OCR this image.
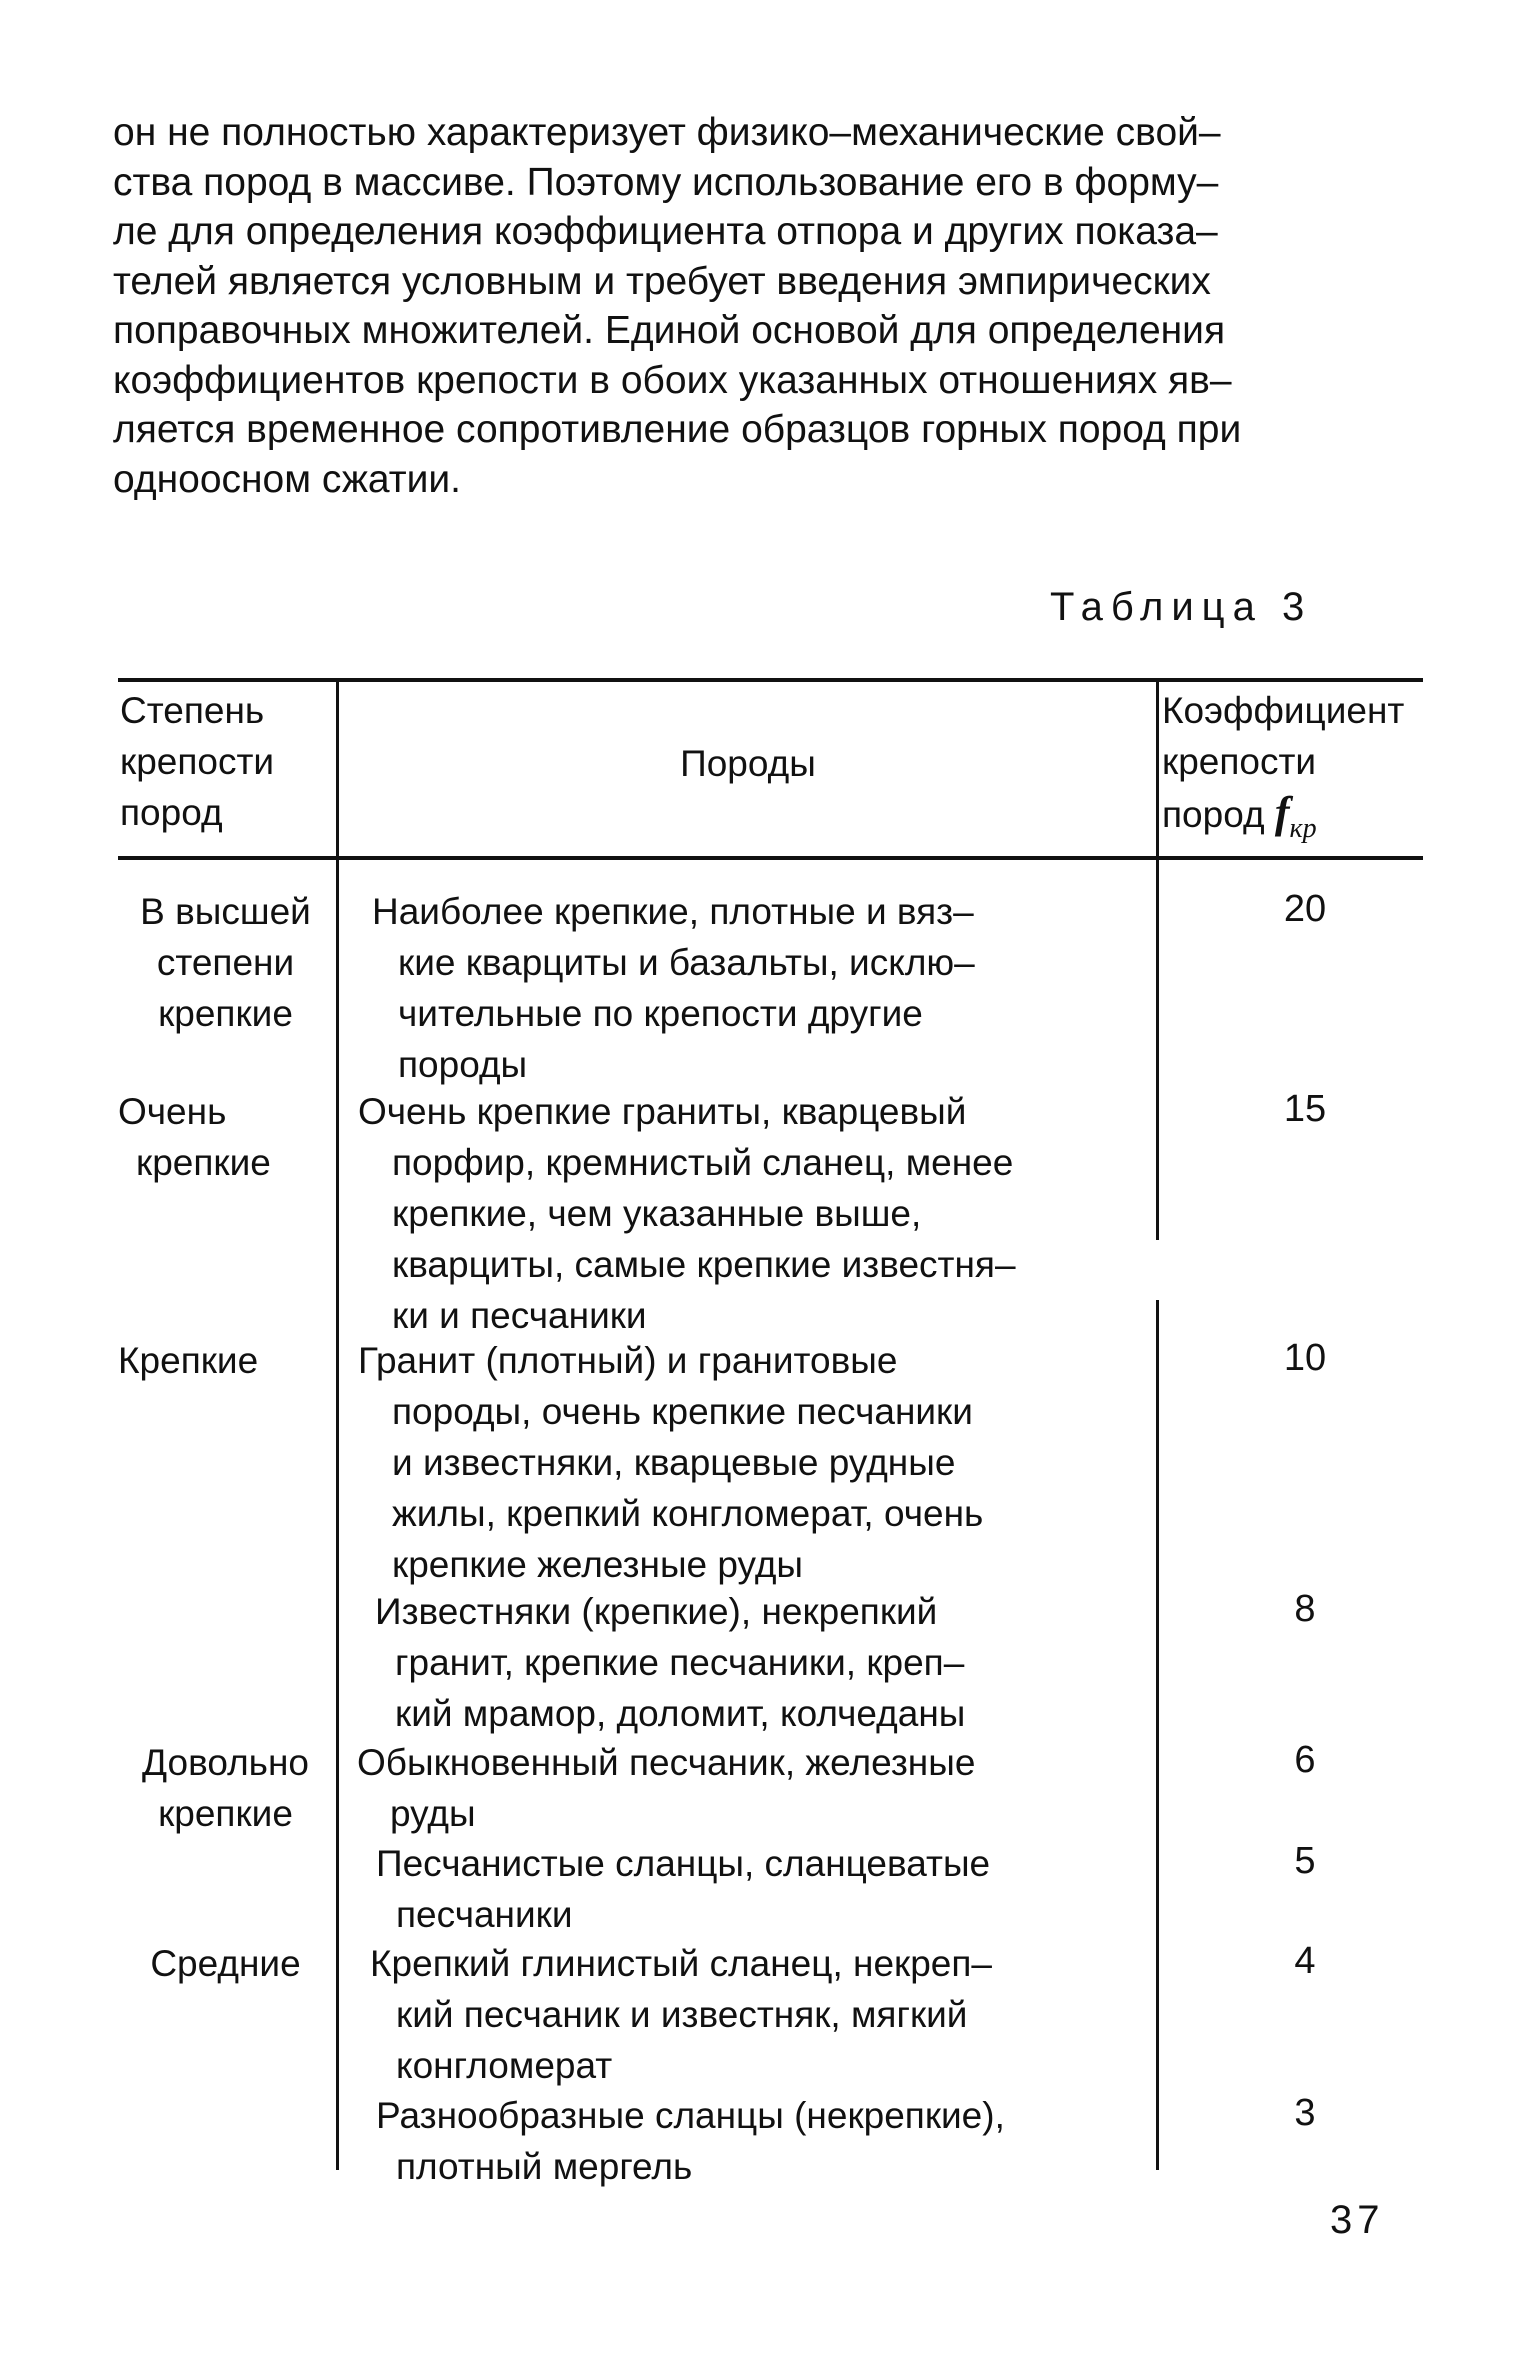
он не полностью характеризует физико–механические свой–
ства пород в массиве. Поэтому использование его в форму–
ле для определения коэффициента отпора и других показа–
телей является условным и требует введения эмпирических
поправочных множителей. Единой основой для определения
коэффициентов крепости в обоих указанных отношениях яв–
ляется временное сопротивление образцов горных пород при
одноосном сжатии.
Таблица 3
Степень
крепости
пород
Породы
Коэффициент
крепости
пород $f_{кр}$
В высшей
степени
крепкие
Наиболее крепкие, плотные и вяз–
кие кварциты и базальты, исклю–
чительные по крепости другие
породы
20
Очень
крепкие
Очень крепкие граниты, кварцевый
порфир, кремнистый сланец, менее
крепкие, чем указанные выше,
кварциты, самые крепкие известня–
ки и песчаники
15
Крепкие	Гранит (плотный) и гранитовые
породы, очень крепкие песчаники
и известняки, кварцевые рудные
жилы, крепкий конгломерат, очень
крепкие железные руды
10
Известняки (крепкие), некрепкий
гранит, крепкие песчаники, креп–
кий мрамор, доломит, колчеданы
8
Довольно
крепкие
Обыкновенный песчаник, железные
руды
6
Песчанистые сланцы, сланцеватые
песчаники
5
Средние	Крепкий глинистый сланец, некреп–
кий песчаник и известняк, мягкий
конгломерат
4
Разнообразные сланцы (некрепкие),
плотный мергель
3
37
